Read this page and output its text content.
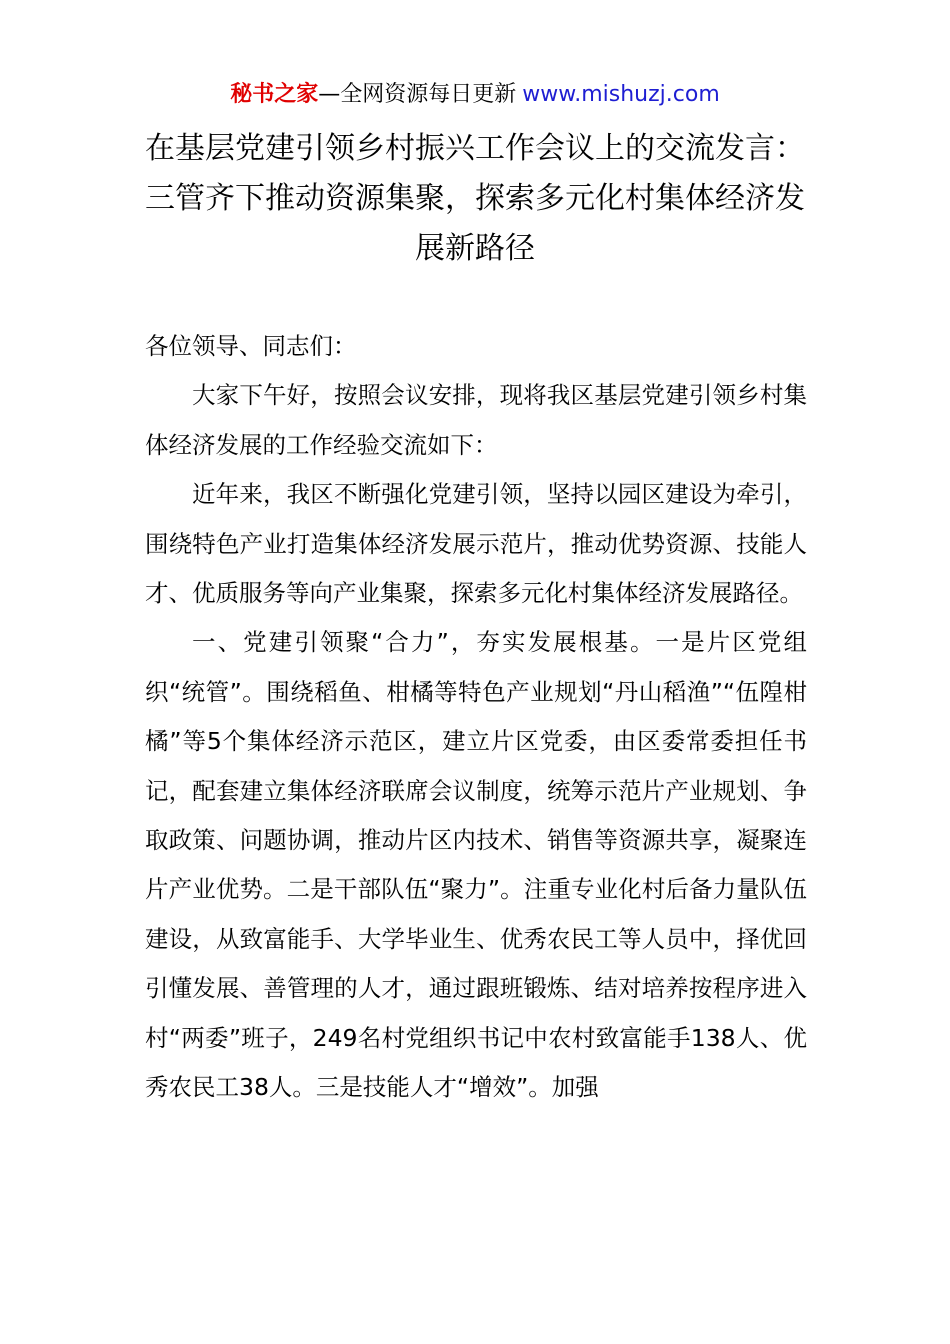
秘书之家—全网资源每日更新 www.mishuzj.com
在基层党建引领乡村振兴工作会议上的交流发言：三管齐下推动资源集聚，探索多元化村集体经济发展新路径

各位领导、同志们：

大家下午好，按照会议安排，现将我区基层党建引领乡村集体经济发展的工作经验交流如下：

近年来，我区不断强化党建引领，坚持以园区建设为牵引，围绕特色产业打造集体经济发展示范片，推动优势资源、技能人才、优质服务等向产业集聚，探索多元化村集体经济发展路径。

一、党建引领聚“合力”，夯实发展根基。一是片区党组织“统管”。围绕稻鱼、柑橘等特色产业规划“丹山稻渔”“伍隍柑橘”等5个集体经济示范区，建立片区党委，由区委常委担任书记，配套建立集体经济联席会议制度，统筹示范片产业规划、争取政策、问题协调，推动片区内技术、销售等资源共享，凝聚连片产业优势。二是干部队伍“聚力”。注重专业化村后备力量队伍建设，从致富能手、大学毕业生、优秀农民工等人员中，择优回引懂发展、善管理的人才，通过跟班锻炼、结对培养按程序进入村“两委”班子，249名村党组织书记中农村致富能手138人、优秀农民工38人。三是技能人才“增效”。加强
